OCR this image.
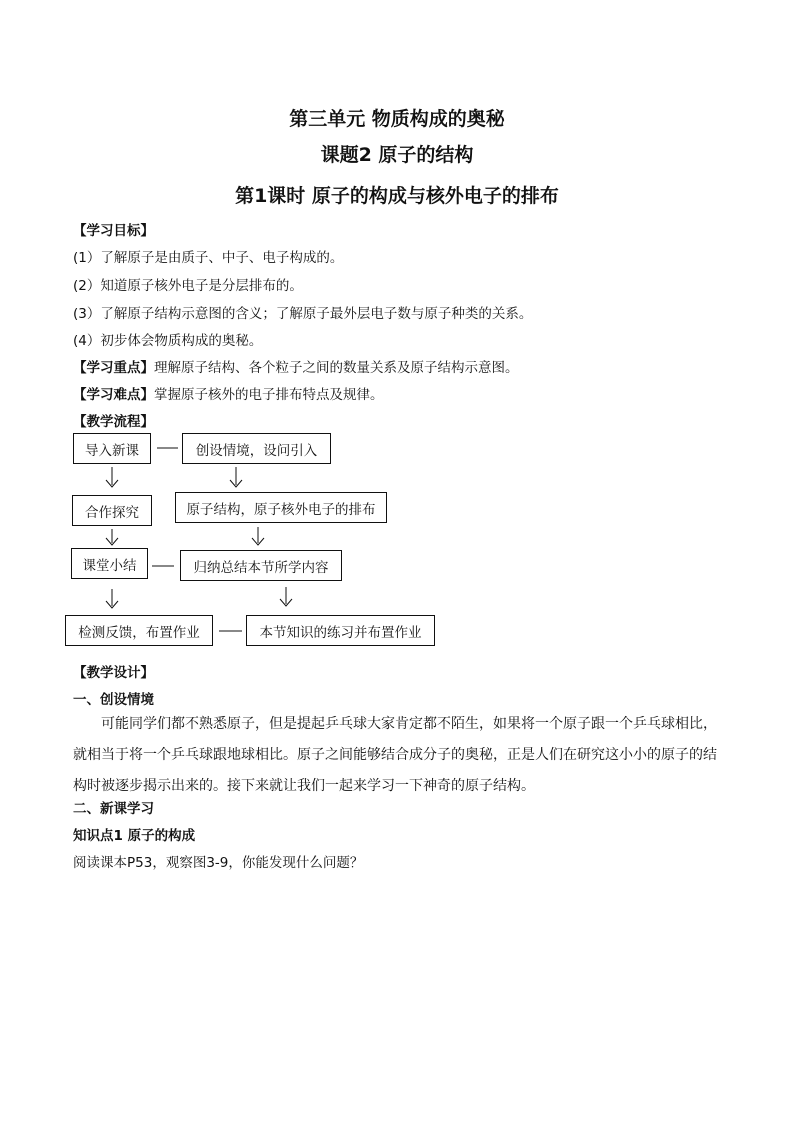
第三单元 物质构成的奥秘
课题2 原子的结构
第1课时 原子的构成与核外电子的排布
【学习目标】
(1）了解原子是由质子、中子、电子构成的。
(2）知道原子核外电子是分层排布的。
(3）了解原子结构示意图的含义；了解原子最外层电子数与原子种类的关系。
(4）初步体会物质构成的奥秘。
【学习重点】理解原子结构、各个粒子之间的数量关系及原子结构示意图。
【学习难点】掌握原子核外的电子排布特点及规律。
【教学流程】
导入新课	创设情境，设问引入
合作探究	原子结构，原子核外电子的排布
课堂小结	归纳总结本节所学内容
检测反馈，布置作业	本节知识的练习并布置作业
【教学设计】
一、创设情境
可能同学们都不熟悉原子，但是提起乒乓球大家肯定都不陌生，如果将一个原子跟一个乒乓球相比，就相当于将一个乒乓球跟地球相比。原子之间能够结合成分子的奥秘，正是人们在研究这小小的原子的结构时被逐步揭示出来的。接下来就让我们一起来学习一下神奇的原子结构。
二、新课学习
知识点1 原子的构成
阅读课本P53，观察图3-9，你能发现什么问题？
